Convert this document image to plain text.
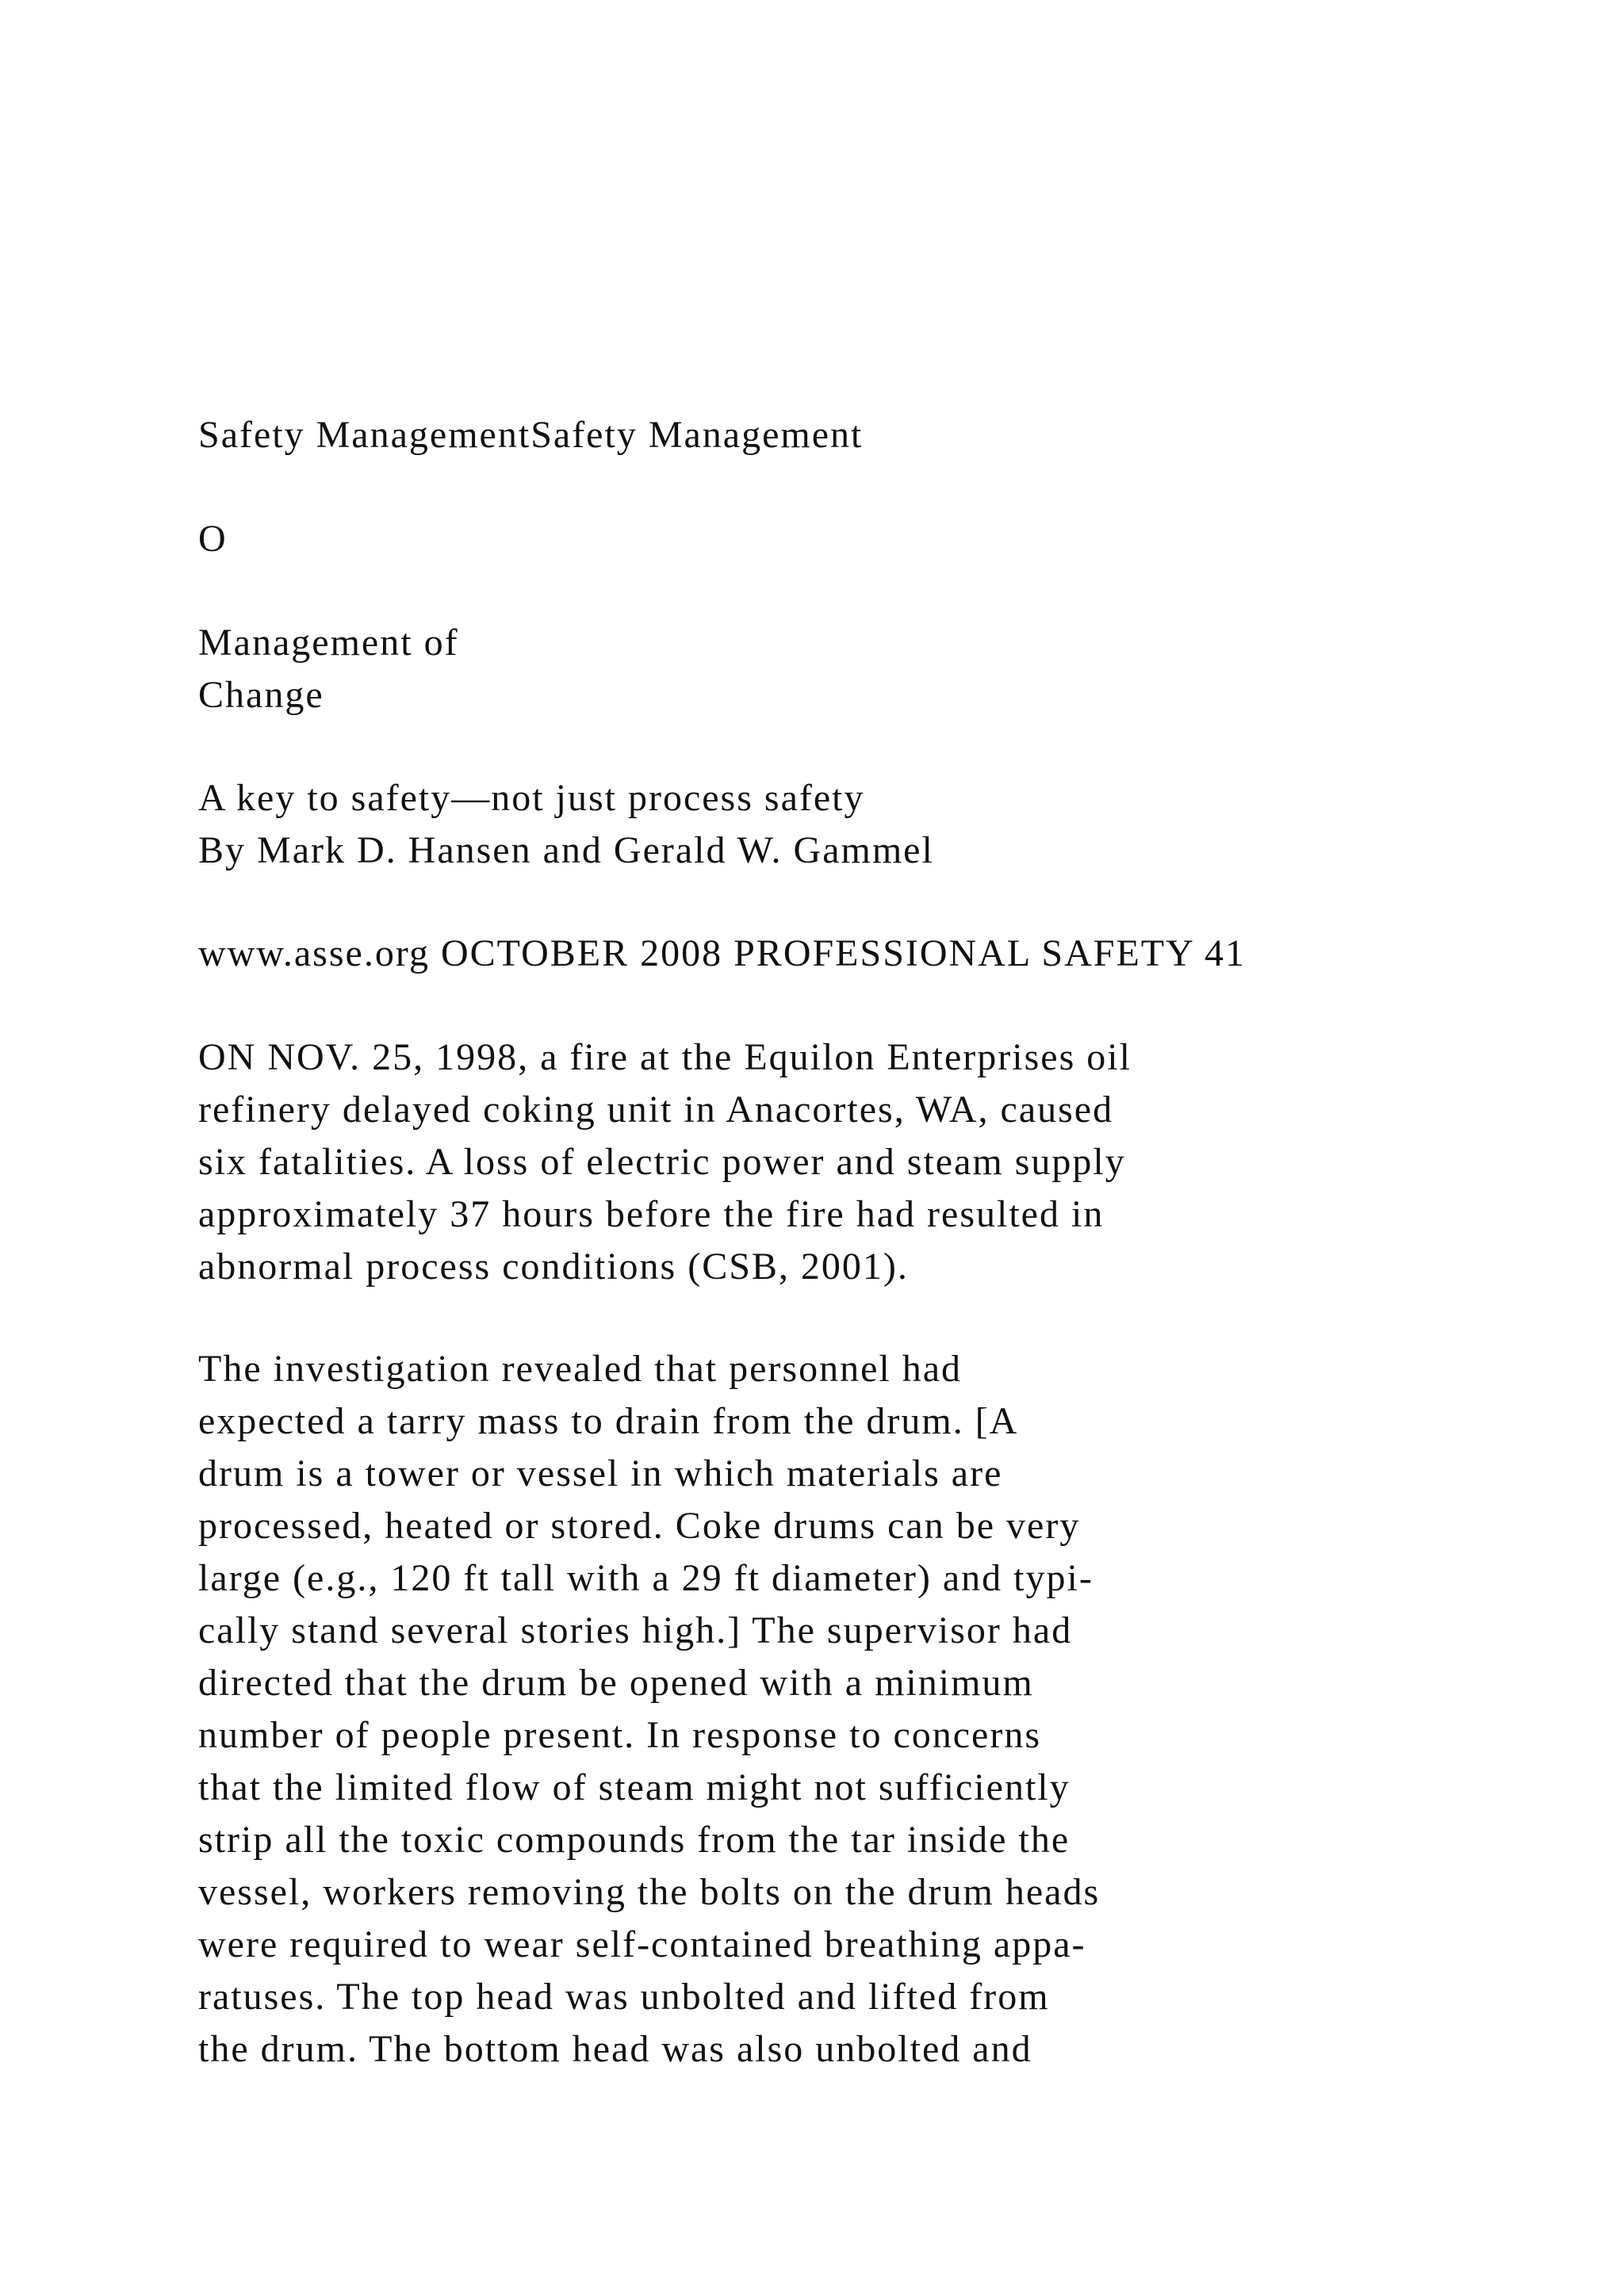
Safety ManagementSafety Management

O

Management of
Change

A key to safety—not just process safety
By Mark D. Hansen and Gerald W. Gammel

www.asse.org OCTOBER 2008 PROFESSIONAL SAFETY 41

ON NOV. 25, 1998, a fire at the Equilon Enterprises oil
refinery delayed coking unit in Anacortes, WA, caused
six fatalities. A loss of electric power and steam supply
approximately 37 hours before the fire had resulted in
abnormal process conditions (CSB, 2001).

The investigation revealed that personnel had
expected a tarry mass to drain from the drum. [A
drum is a tower or vessel in which materials are
processed, heated or stored. Coke drums can be very
large (e.g., 120 ft tall with a 29 ft diameter) and typi-
cally stand several stories high.] The supervisor had
directed that the drum be opened with a minimum
number of people present. In response to concerns
that the limited flow of steam might not sufficiently
strip all the toxic compounds from the tar inside the
vessel, workers removing the bolts on the drum heads
were required to wear self-contained breathing appa-
ratuses. The top head was unbolted and lifted from
the drum. The bottom head was also unbolted and
